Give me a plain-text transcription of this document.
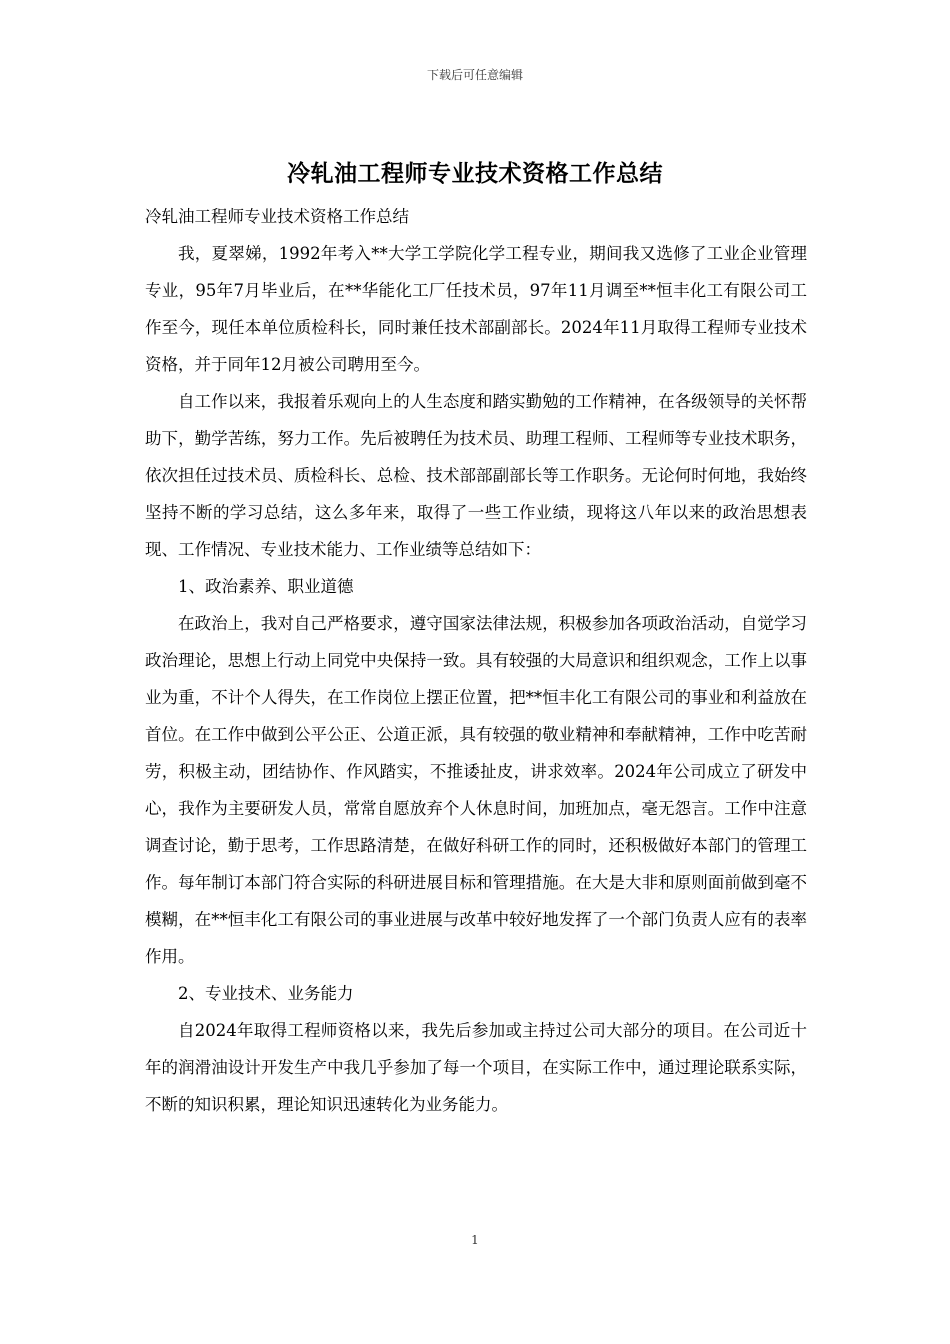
下载后可任意编辑
冷轧油工程师专业技术资格工作总结

冷轧油工程师专业技术资格工作总结

我，夏翠娣，1992年考入**大学工学院化学工程专业，期间我又选修了工业企业管理专业，95年7月毕业后，在**华能化工厂任技术员，97年11月调至**恒丰化工有限公司工作至今，现任本单位质检科长，同时兼任技术部副部长。2024年11月取得工程师专业技术资格，并于同年12月被公司聘用至今。

自工作以来，我报着乐观向上的人生态度和踏实勤勉的工作精神，在各级领导的关怀帮助下，勤学苦练，努力工作。先后被聘任为技术员、助理工程师、工程师等专业技术职务，依次担任过技术员、质检科长、总检、技术部部副部长等工作职务。无论何时何地，我始终坚持不断的学习总结，这么多年来，取得了一些工作业绩，现将这八年以来的政治思想表现、工作情况、专业技术能力、工作业绩等总结如下：

1、政治素养、职业道德

在政治上，我对自己严格要求，遵守国家法律法规，积极参加各项政治活动，自觉学习政治理论，思想上行动上同党中央保持一致。具有较强的大局意识和组织观念，工作上以事业为重，不计个人得失，在工作岗位上摆正位置，把**恒丰化工有限公司的事业和利益放在首位。在工作中做到公平公正、公道正派，具有较强的敬业精神和奉献精神，工作中吃苦耐劳，积极主动，团结协作、作风踏实，不推诿扯皮，讲求效率。2024年公司成立了研发中心，我作为主要研发人员，常常自愿放弃个人休息时间，加班加点，毫无怨言。工作中注意调查讨论，勤于思考，工作思路清楚，在做好科研工作的同时，还积极做好本部门的管理工作。每年制订本部门符合实际的科研进展目标和管理措施。在大是大非和原则面前做到毫不模糊，在**恒丰化工有限公司的事业进展与改革中较好地发挥了一个部门负责人应有的表率作用。

2、专业技术、业务能力

自2024年取得工程师资格以来，我先后参加或主持过公司大部分的项目。在公司近十年的润滑油设计开发生产中我几乎参加了每一个项目，在实际工作中，通过理论联系实际，不断的知识积累，理论知识迅速转化为业务能力。

1
